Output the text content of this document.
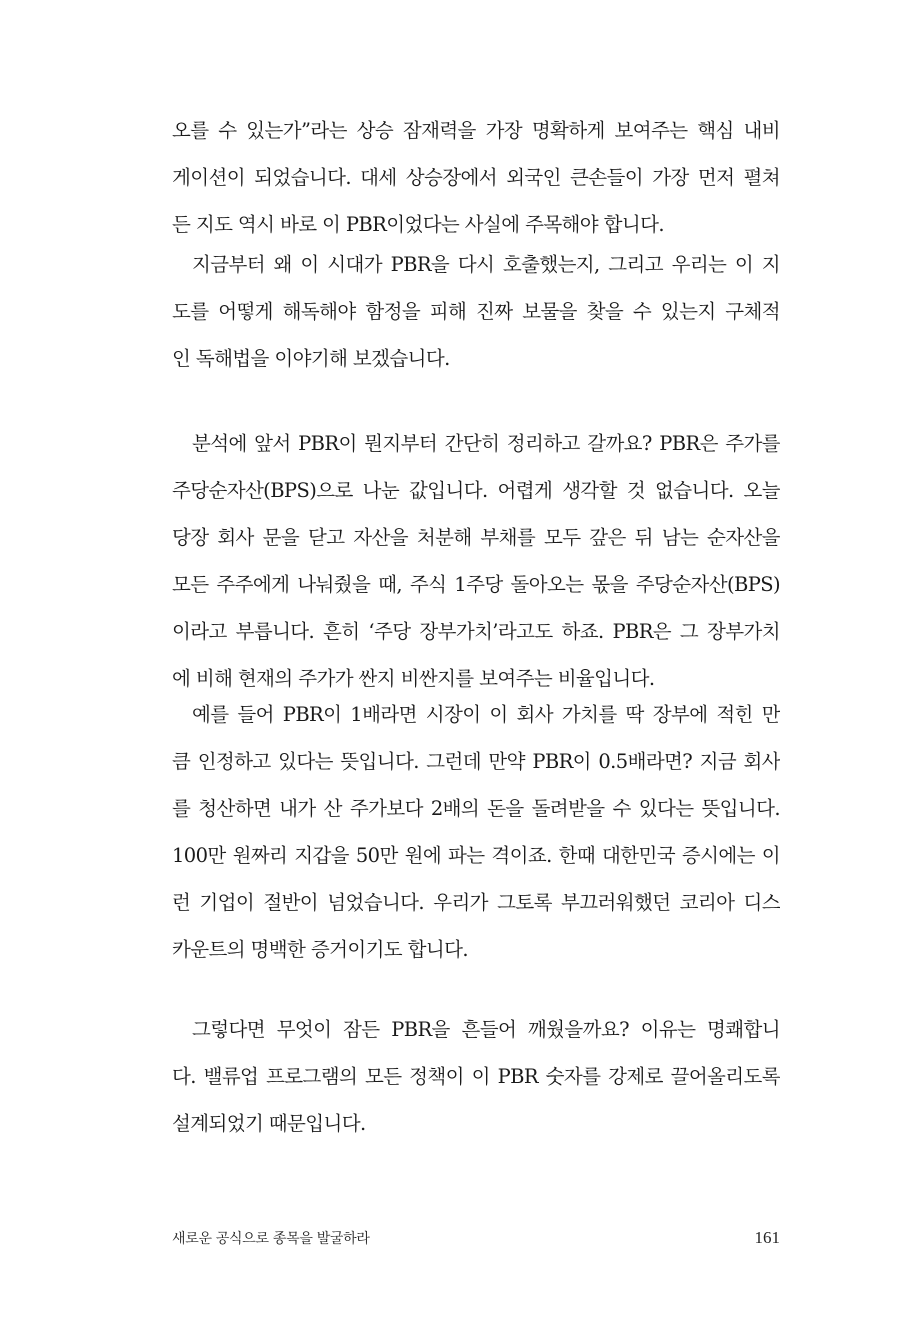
오를 수 있는가”라는 상승 잠재력을 가장 명확하게 보여주는 핵심 내비
게이션이 되었습니다. 대세 상승장에서 외국인 큰손들이 가장 먼저 펼쳐
든 지도 역시 바로 이 PBR이었다는 사실에 주목해야 합니다.
지금부터 왜 이 시대가 PBR을 다시 호출했는지, 그리고 우리는 이 지
도를 어떻게 해독해야 함정을 피해 진짜 보물을 찾을 수 있는지 구체적
인 독해법을 이야기해 보겠습니다.
분석에 앞서 PBR이 뭔지부터 간단히 정리하고 갈까요? PBR은 주가를
주당순자산(BPS)으로 나눈 값입니다. 어렵게 생각할 것 없습니다. 오늘
당장 회사 문을 닫고 자산을 처분해 부채를 모두 갚은 뒤 남는 순자산을
모든 주주에게 나눠줬을 때, 주식 1주당 돌아오는 몫을 주당순자산(BPS)
이라고 부릅니다. 흔히 ‘주당 장부가치’라고도 하죠. PBR은 그 장부가치
에 비해 현재의 주가가 싼지 비싼지를 보여주는 비율입니다.
예를 들어 PBR이 1배라면 시장이 이 회사 가치를 딱 장부에 적힌 만
큼 인정하고 있다는 뜻입니다. 그런데 만약 PBR이 0.5배라면? 지금 회사
를 청산하면 내가 산 주가보다 2배의 돈을 돌려받을 수 있다는 뜻입니다.
100만 원짜리 지갑을 50만 원에 파는 격이죠. 한때 대한민국 증시에는 이
런 기업이 절반이 넘었습니다. 우리가 그토록 부끄러워했던 코리아 디스
카운트의 명백한 증거이기도 합니다.
그렇다면 무엇이 잠든 PBR을 흔들어 깨웠을까요? 이유는 명쾌합니
다. 밸류업 프로그램의 모든 정책이 이 PBR 숫자를 강제로 끌어올리도록
설계되었기 때문입니다.
새로운 공식으로 종목을 발굴하라	161
